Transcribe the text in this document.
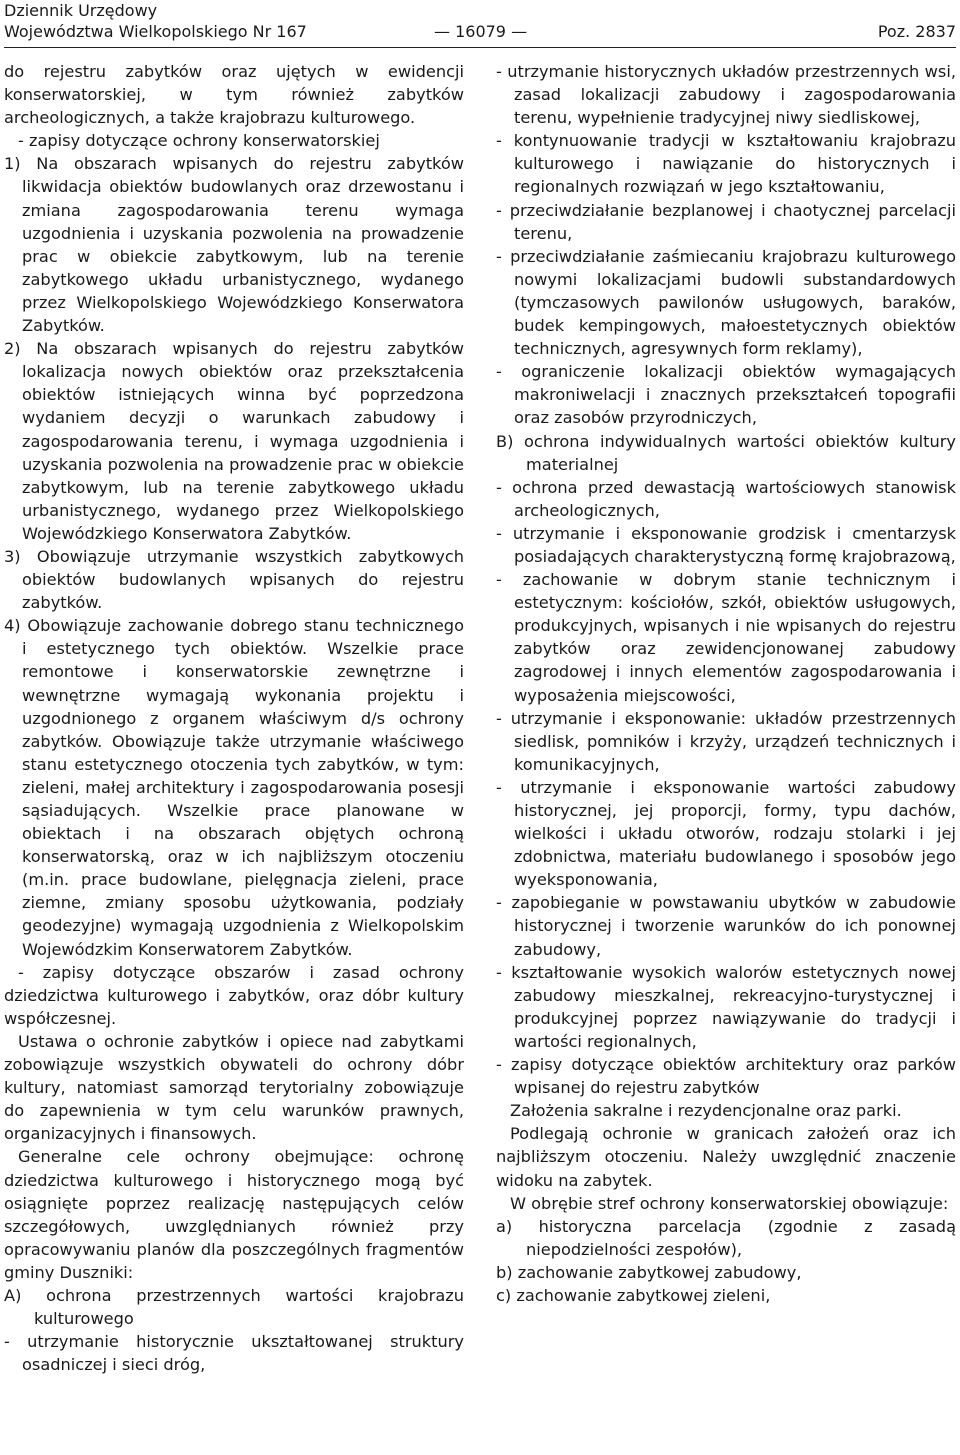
Dziennik Urzędowy
Województwa Wielkopolskiego Nr 167	— 16079 —	Poz. 2837

do rejestru zabytków oraz ujętych w ewidencji konserwatorskiej, w tym również zabytków archeologicznych, a także krajobrazu kulturowego.

- zapisy dotyczące ochrony konserwatorskiej

1) Na obszarach wpisanych do rejestru zabytków likwidacja obiektów budowlanych oraz drzewostanu i zmiana zagospodarowania terenu wymaga uzgodnienia i uzyskania pozwolenia na prowadzenie prac w obiekcie zabytkowym, lub na terenie zabytkowego układu urbanistycznego, wydanego przez Wielkopolskiego Wojewódzkiego Konserwatora Zabytków.

2) Na obszarach wpisanych do rejestru zabytków lokalizacja nowych obiektów oraz przekształcenia obiektów istniejących winna być poprzedzona wydaniem decyzji o warunkach zabudowy i zagospodarowania terenu, i wymaga uzgodnienia i uzyskania pozwolenia na prowadzenie prac w obiekcie zabytkowym, lub na terenie zabytkowego układu urbanistycznego, wydanego przez Wielkopolskiego Wojewódzkiego Konserwatora Zabytków.

3) Obowiązuje utrzymanie wszystkich zabytkowych obiektów budowlanych wpisanych do rejestru zabytków.

4) Obowiązuje zachowanie dobrego stanu technicznego i estetycznego tych obiektów. Wszelkie prace remontowe i konserwatorskie zewnętrzne i wewnętrzne wymagają wykonania projektu i uzgodnionego z organem właściwym d/s ochrony zabytków. Obowiązuje także utrzymanie właściwego stanu estetycznego otoczenia tych zabytków, w tym: zieleni, małej architektury i zagospodarowania posesji sąsiadujących. Wszelkie prace planowane w obiektach i na obszarach objętych ochroną konserwatorską, oraz w ich najbliższym otoczeniu (m.in. prace budowlane, pielęgnacja zieleni, prace ziemne, zmiany sposobu użytkowania, podziały geodezyjne) wymagają uzgodnienia z Wielkopolskim Wojewódzkim Konserwatorem Zabytków.

- zapisy dotyczące obszarów i zasad ochrony dziedzictwa kulturowego i zabytków, oraz dóbr kultury współczesnej.

Ustawa o ochronie zabytków i opiece nad zabytkami zobowiązuje wszystkich obywateli do ochrony dóbr kultury, natomiast samorząd terytorialny zobowiązuje do zapewnienia w tym celu warunków prawnych, organizacyjnych i finansowych.

Generalne cele ochrony obejmujące: ochronę dziedzictwa kulturowego i historycznego mogą być osiągnięte poprzez realizację następujących celów szczegółowych, uwzględnianych również przy opracowywaniu planów dla poszczególnych fragmentów gminy Duszniki:

A) ochrona przestrzennych wartości krajobrazu kulturowego

- utrzymanie historycznie ukształtowanej struktury osadniczej i sieci dróg,

- utrzymanie historycznych układów przestrzennych wsi, zasad lokalizacji zabudowy i zagospodarowania terenu, wypełnienie tradycyjnej niwy siedliskowej,

- kontynuowanie tradycji w kształtowaniu krajobrazu kulturowego i nawiązanie do historycznych i regionalnych rozwiązań w jego kształtowaniu,

- przeciwdziałanie bezplanowej i chaotycznej parcelacji terenu,

- przeciwdziałanie zaśmiecaniu krajobrazu kulturowego nowymi lokalizacjami budowli substandardowych (tymczasowych pawilonów usługowych, baraków, budek kempingowych, małoestetycznych obiektów technicznych, agresywnych form reklamy),

- ograniczenie lokalizacji obiektów wymagających makroniwelacji i znacznych przekształceń topografii oraz zasobów przyrodniczych,

B) ochrona indywidualnych wartości obiektów kultury materialnej

- ochrona przed dewastacją wartościowych stanowisk archeologicznych,

- utrzymanie i eksponowanie grodzisk i cmentarzysk posiadających charakterystyczną formę krajobrazową,

- zachowanie w dobrym stanie technicznym i estetycznym: kościołów, szkół, obiektów usługowych, produkcyjnych, wpisanych i nie wpisanych do rejestru zabytków oraz zewidencjonowanej zabudowy zagrodowej i innych elementów zagospodarowania i wyposażenia miejscowości,

- utrzymanie i eksponowanie: układów przestrzennych siedlisk, pomników i krzyży, urządzeń technicznych i komunikacyjnych,

- utrzymanie i eksponowanie wartości zabudowy historycznej, jej proporcji, formy, typu dachów, wielkości i układu otworów, rodzaju stolarki i jej zdobnictwa, materiału budowlanego i sposobów jego wyeksponowania,

- zapobieganie w powstawaniu ubytków w zabudowie historycznej i tworzenie warunków do ich ponownej zabudowy,

- kształtowanie wysokich walorów estetycznych nowej zabudowy mieszkalnej, rekreacyjno-turystycznej i produkcyjnej poprzez nawiązywanie do tradycji i wartości regionalnych,

- zapisy dotyczące obiektów architektury oraz parków wpisanej do rejestru zabytków

Założenia sakralne i rezydencjonalne oraz parki.

Podlegają ochronie w granicach założeń oraz ich najbliższym otoczeniu. Należy uwzględnić znaczenie widoku na zabytek.

W obrębie stref ochrony konserwatorskiej obowiązuje:

a) historyczna parcelacja (zgodnie z zasadą niepodzielności zespołów),

b) zachowanie zabytkowej zabudowy,

c) zachowanie zabytkowej zieleni,
